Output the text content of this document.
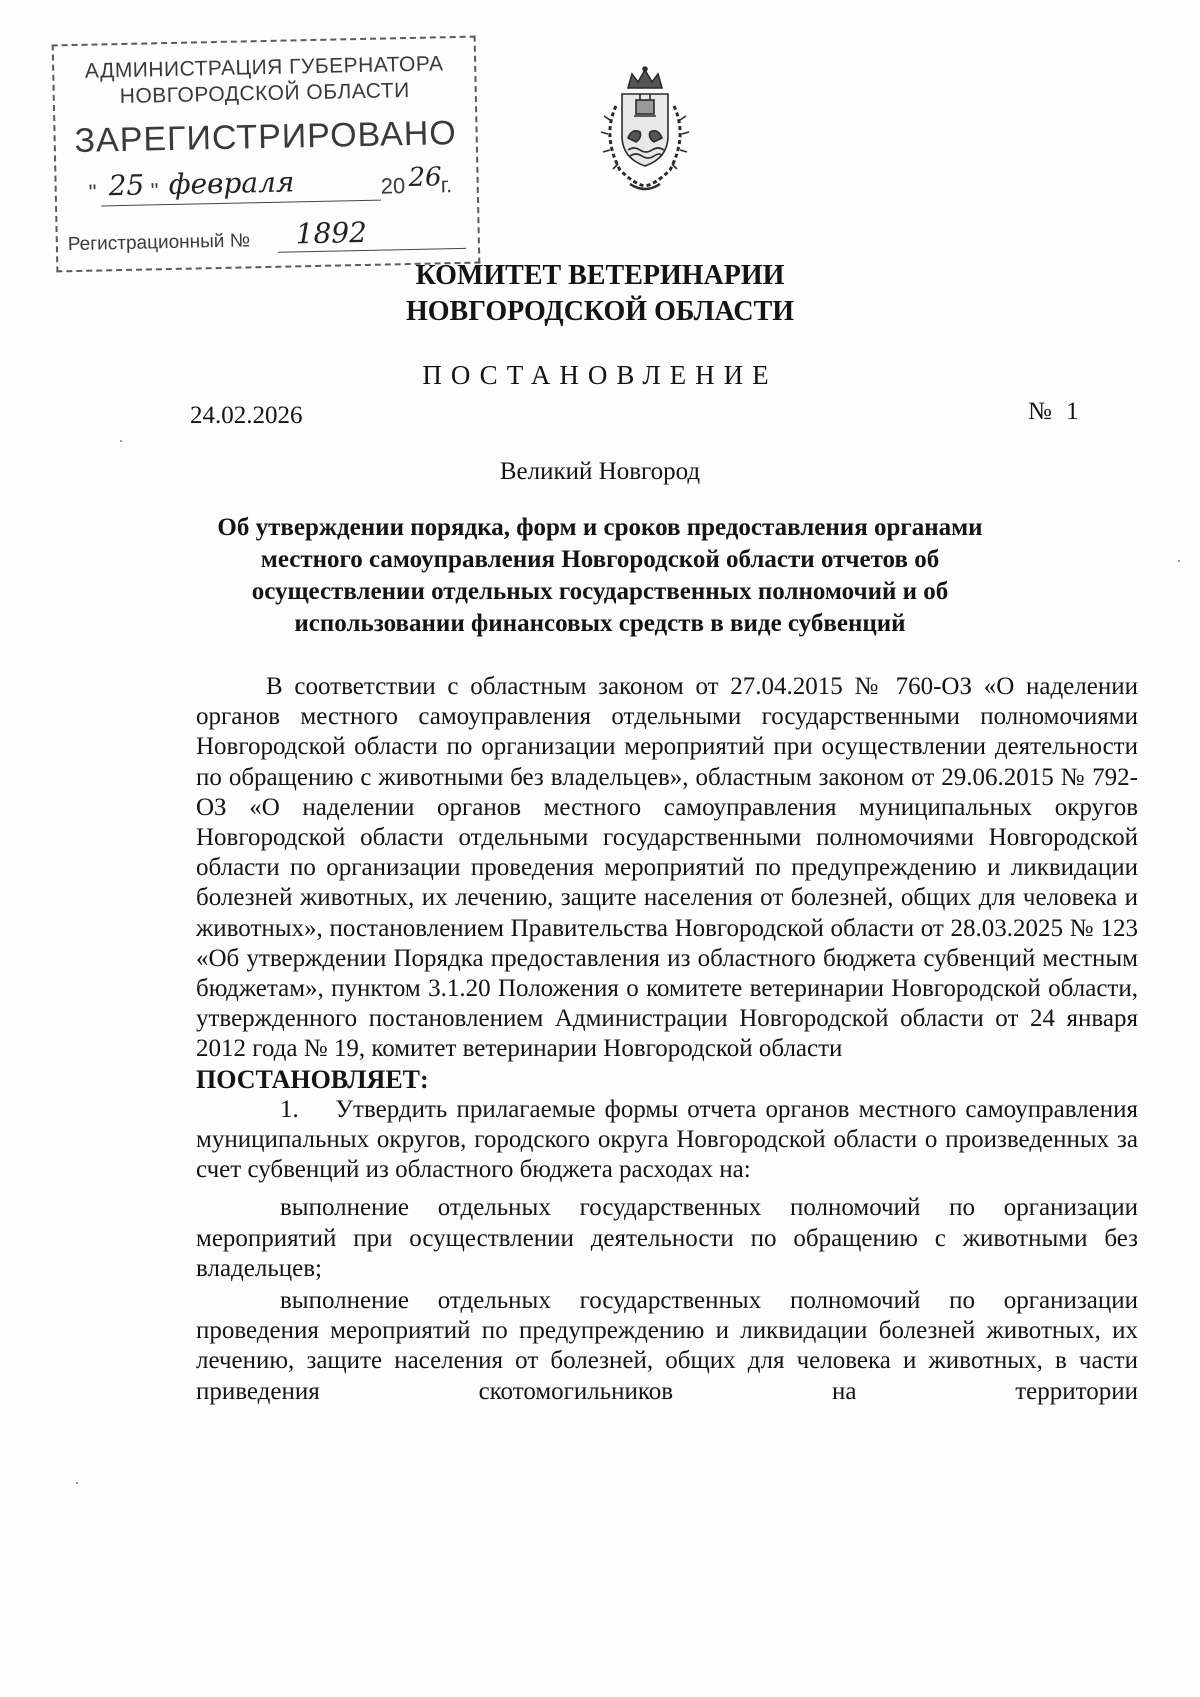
АДМИНИСТРАЦИЯ ГУБЕРНАТОРА
НОВГОРОДСКОЙ ОБЛАСТИ
ЗАРЕГИСТРИРОВАНО
" 25 " февраля	20 26
г.
Регистрационный № 1892
КОМИТЕТ ВЕТЕРИНАРИИ
НОВГОРОДСКОЙ ОБЛАСТИ
ПОСТАНОВЛЕНИЕ
24.02.2026	№ 1
Великий Новгород
Об утверждении порядка, форм и сроков предоставления органами
местного самоуправления Новгородской области отчетов об
осуществлении отдельных государственных полномочий и об
использовании финансовых средств в виде субвенций

В соответствии с областным законом от 27.04.2015 № 760-ОЗ «О наделении органов местного самоуправления отдельными государственными полномочиями Новгородской области по организации мероприятий при осуществлении деятельности по обращению с животными без владельцев», областным законом от 29.06.2015 № 792-ОЗ «О наделении органов местного самоуправления муниципальных округов Новгородской области отдельными государственными полномочиями Новгородской области по организации проведения мероприятий по предупреждению и ликвидации болезней животных, их лечению, защите населения от болезней, общих для человека и животных», постановлением Правительства Новгородской области от 28.03.2025 № 123 «Об утверждении Порядка предоставления из областного бюджета субвенций местным бюджетам», пунктом 3.1.20 Положения о комитете ветеринарии Новгородской области, утвержденного постановлением Администрации Новгородской области от 24 января 2012 года № 19, комитет ветеринарии Новгородской области

ПОСТАНОВЛЯЕТ:

1.    Утвердить прилагаемые формы отчета органов местного самоуправления муниципальных округов, городского округа Новгородской области о произведенных за счет субвенций из областного бюджета расходах на:

выполнение отдельных государственных полномочий по организации мероприятий при осуществлении деятельности по обращению с животными без владельцев;

выполнение отдельных государственных полномочий по организации проведения мероприятий по предупреждению и ликвидации болезней животных, их лечению, защите населения от болезней, общих для человека и животных, в части приведения скотомогильников на территории
